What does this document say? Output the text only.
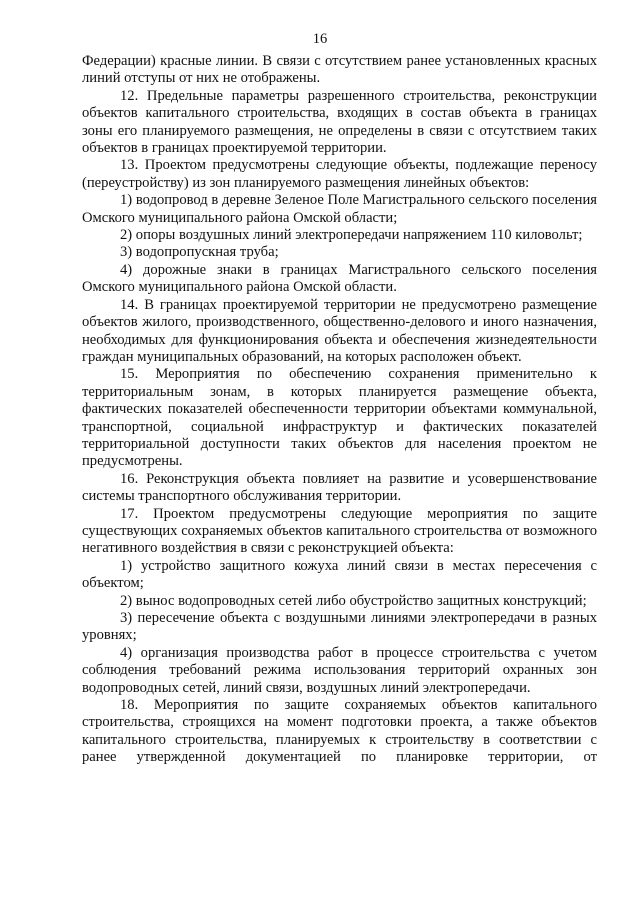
16

Федерации) красные линии. В связи с отсутствием ранее установленных красных линий отступы от них не отображены.

12. Предельные параметры разрешенного строительства, реконструкции объектов капитального строительства, входящих в состав объекта в границах зоны его планируемого размещения, не определены в связи с отсутствием таких объектов в границах проектируемой территории.

13. Проектом предусмотрены следующие объекты, подлежащие переносу (переустройству) из зон планируемого размещения линейных объектов:

1) водопровод в деревне Зеленое Поле Магистрального сельского поселения Омского муниципального района Омской области;

2) опоры воздушных линий электропередачи напряжением 110 киловольт;

3) водопропускная труба;

4) дорожные знаки в границах Магистрального сельского поселения Омского муниципального района Омской области.

14. В границах проектируемой территории не предусмотрено размещение объектов жилого, производственного, общественно-делового и иного назначения, необходимых для функционирования объекта и обеспечения жизнедеятельности граждан муниципальных образований, на которых расположен объект.

15. Мероприятия по обеспечению сохранения применительно к территориальным зонам, в которых планируется размещение объекта, фактических показателей обеспеченности территории объектами коммунальной, транспортной, социальной инфраструктур и фактических показателей территориальной доступности таких объектов для населения проектом не предусмотрены.

16. Реконструкция объекта повлияет на развитие и усовершенствование системы транспортного обслуживания территории.

17. Проектом предусмотрены следующие мероприятия по защите существующих сохраняемых объектов капитального строительства от возможного негативного воздействия в связи с реконструкцией объекта:

1) устройство защитного кожуха линий связи в местах пересечения с объектом;

2) вынос водопроводных сетей либо обустройство защитных конструкций;

3) пересечение объекта с воздушными линиями электропередачи в разных уровнях;

4) организация производства работ в процессе строительства с учетом соблюдения требований режима использования территорий охранных зон водопроводных сетей, линий связи, воздушных линий электропередачи.

18. Мероприятия по защите сохраняемых объектов капитального строительства, строящихся на момент подготовки проекта, а также объектов капитального строительства, планируемых к строительству в соответствии с ранее утвержденной документацией по планировке территории, от
